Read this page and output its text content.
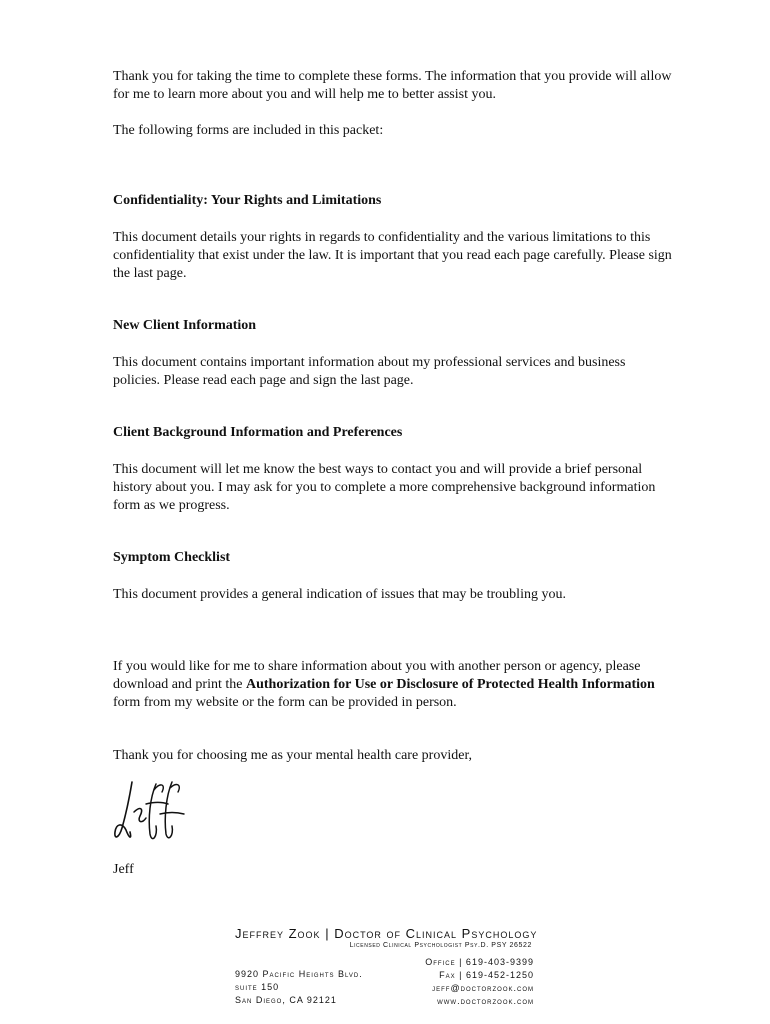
Thank you for taking the time to complete these forms. The information that you provide will allow for me to learn more about you and will help me to better assist you.

The following forms are included in this packet:

Confidentiality: Your Rights and Limitations

This document details your rights in regards to confidentiality and the various limitations to this confidentiality that exist under the law. It is important that you read each page carefully. Please sign the last page.

New Client Information

This document contains important information about my professional services and business policies. Please read each page and sign the last page.

Client Background Information and Preferences

This document will let me know the best ways to contact you and will provide a brief personal history about you. I may ask for you to complete a more comprehensive background information form as we progress.

Symptom Checklist

This document provides a general indication of issues that may be troubling you.

If you would like for me to share information about you with another person or agency, please download and print the Authorization for Use or Disclosure of Protected Health Information form from my website or the form can be provided in person.

Thank you for choosing me as your mental health care provider,

Jeff

Jeffrey Zook | Doctor of Clinical Psychology

Licensed Clinical Psychologist Psy.D. PSY 26522

9920 Pacific Heights Blvd.

suite 150

San Diego, CA 92121

Office | 619-403-9399

Fax | 619-452-1250

jeff@doctorzook.com

www.doctorzook.com
